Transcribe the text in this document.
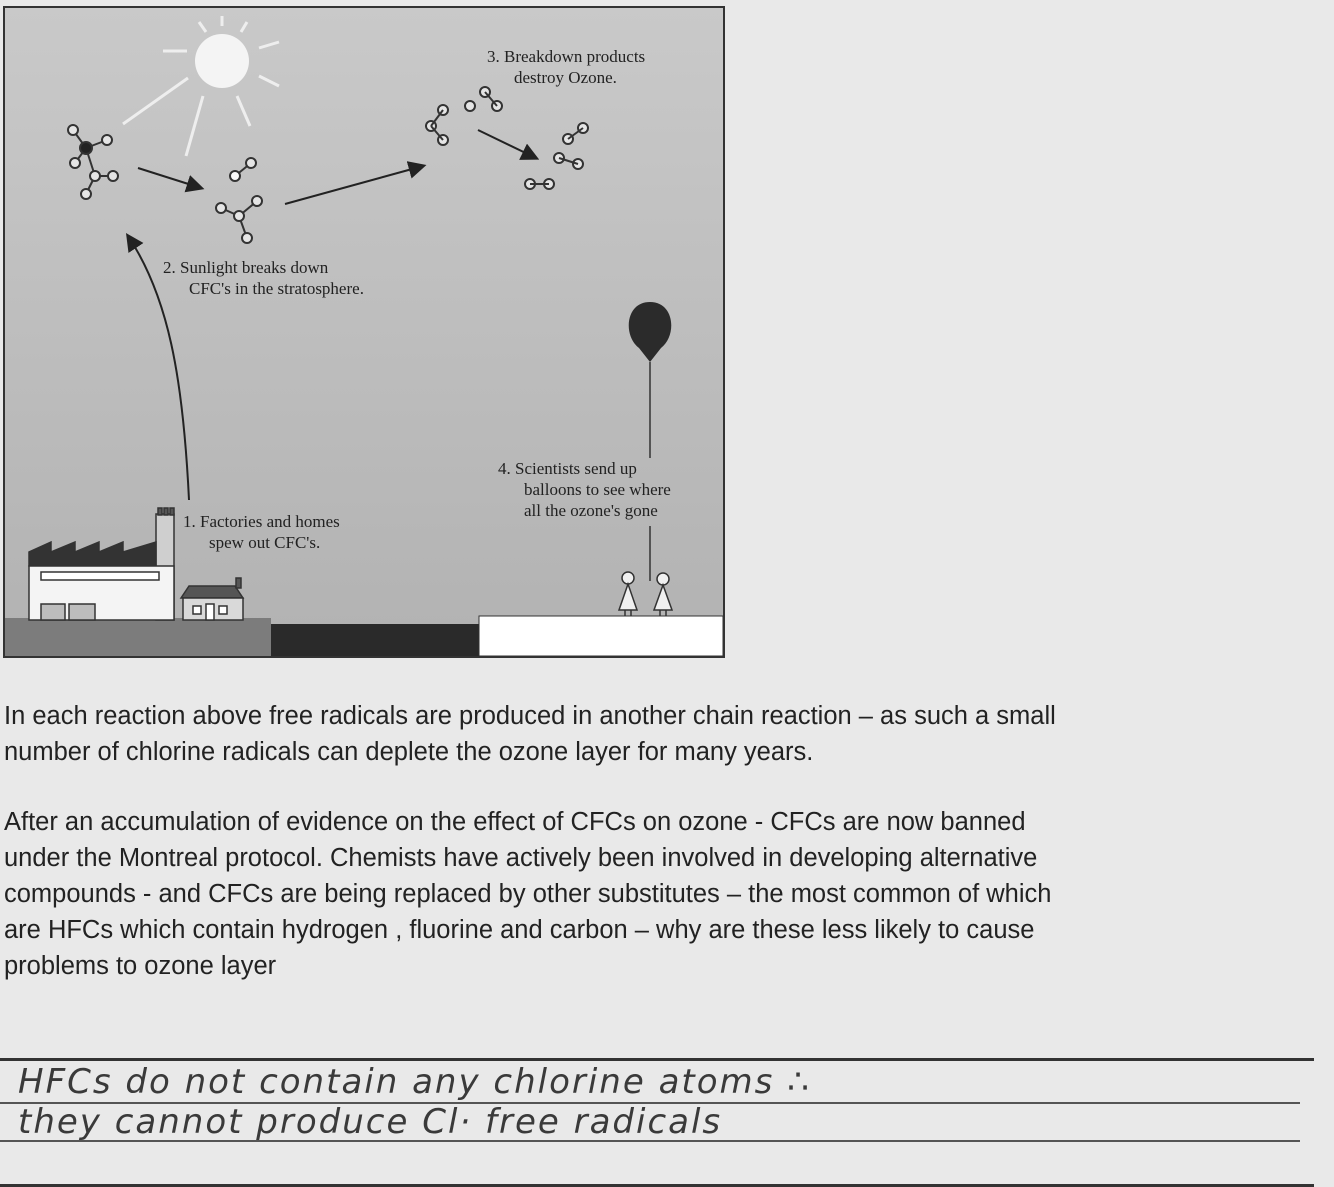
3. Breakdown products
destroy Ozone.
2. Sunlight breaks down
CFC's in the stratosphere.
4. Scientists send up
balloons to see where
all the ozone's gone
1. Factories and homes
spew out CFC's.

In each reaction above free radicals are produced in another chain reaction – as such a small
number of chlorine radicals can deplete the ozone layer for many years.

After an accumulation of evidence on the effect of CFCs on ozone - CFCs are now banned
under the Montreal protocol. Chemists have actively been involved in developing alternative
compounds - and CFCs are being replaced by other substitutes – the most common of which
are HFCs which contain hydrogen , fluorine and carbon – why are these less likely to cause
problems to ozone layer

HFCs do not contain any chlorine atoms ∴
they cannot produce Cl· free radicals
